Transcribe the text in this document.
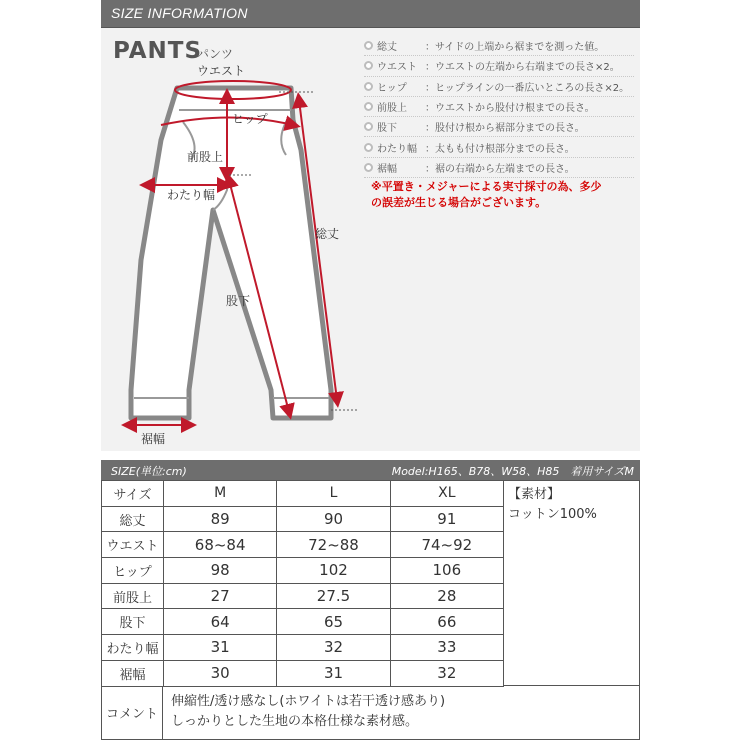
SIZE INFORMATION
PANTS
パンツ
ウエスト
ヒップ
前股上
わたり幅
総丈
股下
裾幅
総丈	： サイドの上端から裾までを測った値。
ウエスト ： ウエストの左端から右端までの長さ×2。
ヒップ	： ヒップラインの一番広いところの長さ×2。
前股上	： ウエストから股付け根までの長さ。
股下	： 股付け根から裾部分までの長さ。
わたり幅 ： 太もも付け根部分までの長さ。
裾幅	： 裾の右端から左端までの長さ。
※平置き・メジャーによる実寸採寸の為、多少
の誤差が生じる場合がございます。
SIZE(単位:cm)	Model:H165、B78、W58、H85　着用サイズM
サイズ	M	L	XL
総丈	89	90	91
ウエスト	68~84	72~88	74~92
ヒップ	98	102	106
前股上	27	27.5	28
股下	64	65	66
わたり幅	31	32	33
裾幅	30	31	32
【素材】
コットン100%
コメント
伸縮性/透け感なし(ホワイトは若干透け感あり)
しっかりとした生地の本格仕様な素材感。
